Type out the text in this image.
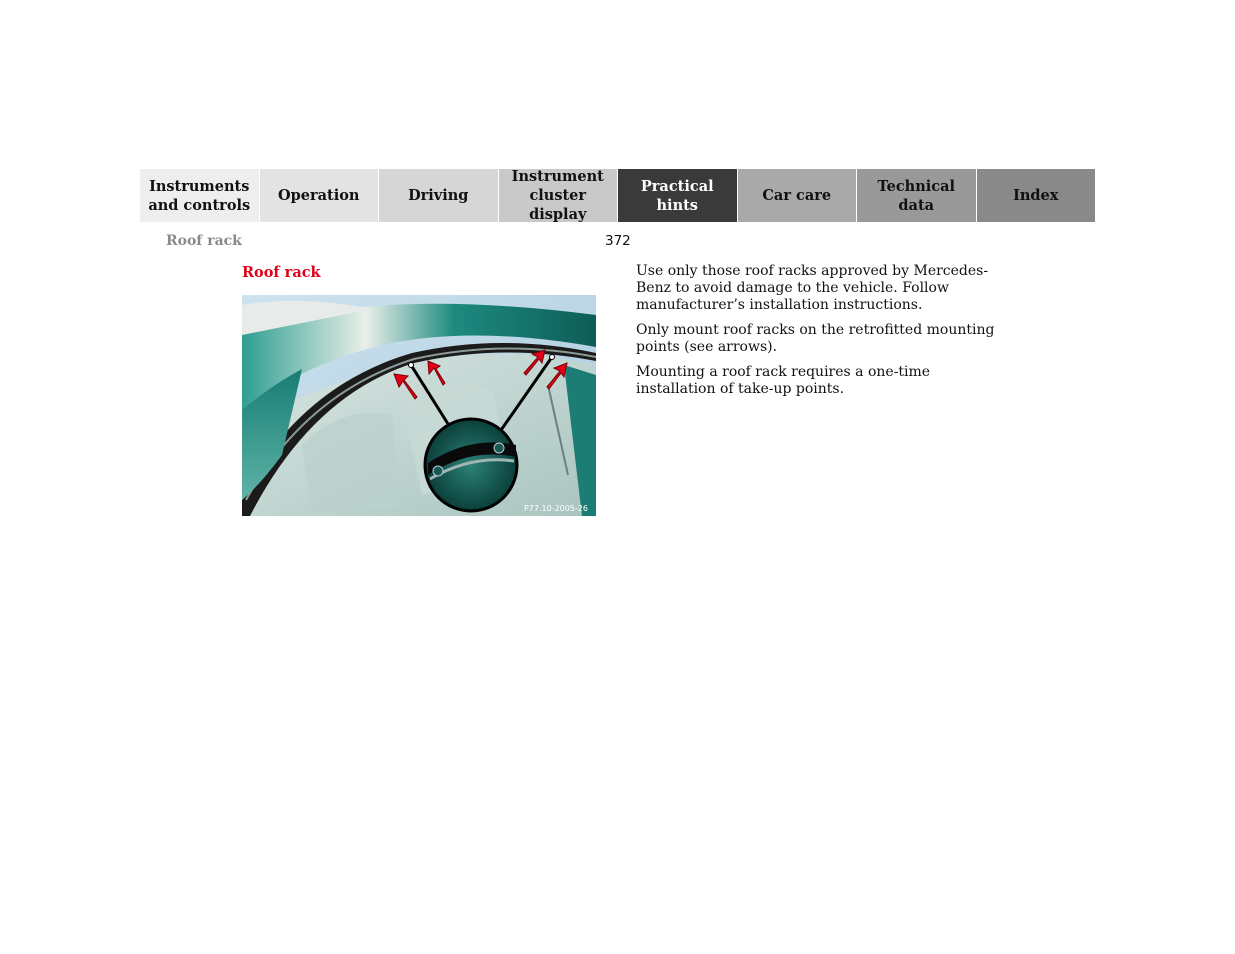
Instruments
and controls
Operation	Driving
Instrument
cluster display
Practical hints
Car care
Technical
data
Index
Roof rack	372
Roof rack
P77.10-2005-26

Use only those roof racks approved by Mercedes-Benz to avoid damage to the vehicle. Follow manufacturer’s installation instructions.

Only mount roof racks on the retrofitted mounting points (see arrows).

Mounting a roof rack requires a one-time installation of take-up points.
